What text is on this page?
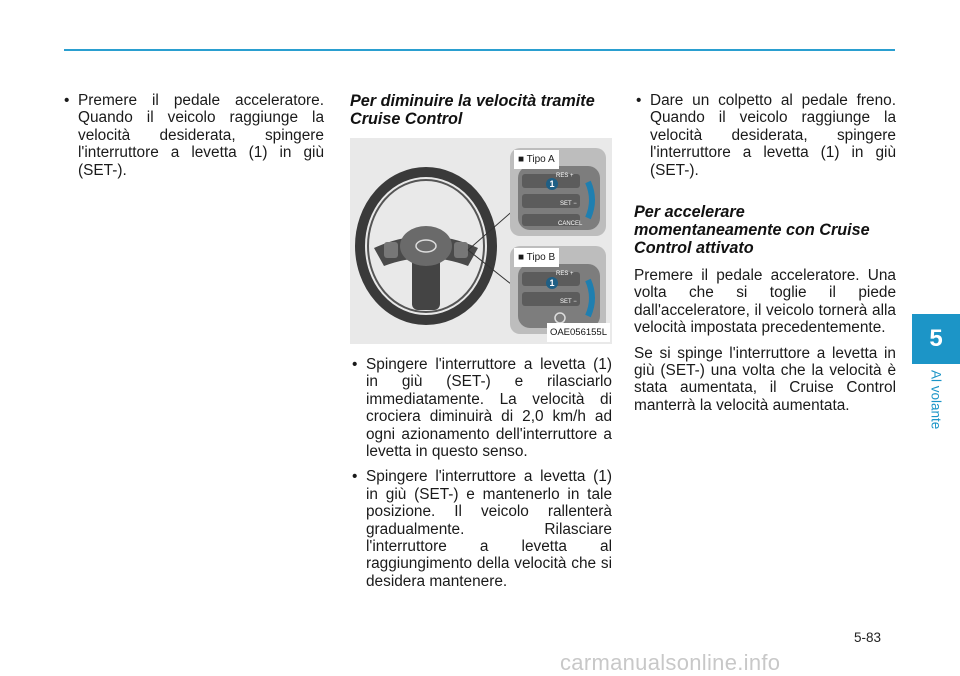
• Premere il pedale acceleratore. Quando il veicolo raggiunge la velocità desiderata, spingere l'interruttore a levetta (1) in giù (SET-).
Per diminuire la velocità tramite Cruise Control
■ Tipo A
RES +
SET −
CANCEL
1
■ Tipo B
RES +
SET −
1
OAE056155L
• Spingere l'interruttore a levetta (1) in giù (SET-) e rilasciarlo immediatamente. La velocità di crociera diminuirà di 2,0 km/h ad ogni azionamento dell'interruttore a levetta in questo senso.
• Spingere l'interruttore a levetta (1) in giù (SET-) e mantenerlo in tale posizione. Il veicolo rallenterà gradualmente. Rilasciare l'interruttore a levetta al raggiungimento della velocità che si desidera mantenere.
• Dare un colpetto al pedale freno. Quando il veicolo raggiunge la velocità desiderata, spingere l'interruttore a levetta (1) in giù (SET-).
Per accelerare momentaneamente con Cruise Control attivato

Premere il pedale acceleratore. Una volta che si toglie il piede dall'acceleratore, il veicolo tornerà alla velocità impostata precedentemente.

Se si spinge l'interruttore a levetta in giù (SET-) una volta che la velocità è stata aumentata, il Cruise Control manterrà la velocità aumentata.

5
Al volante
5-83
carmanualsonline.info
